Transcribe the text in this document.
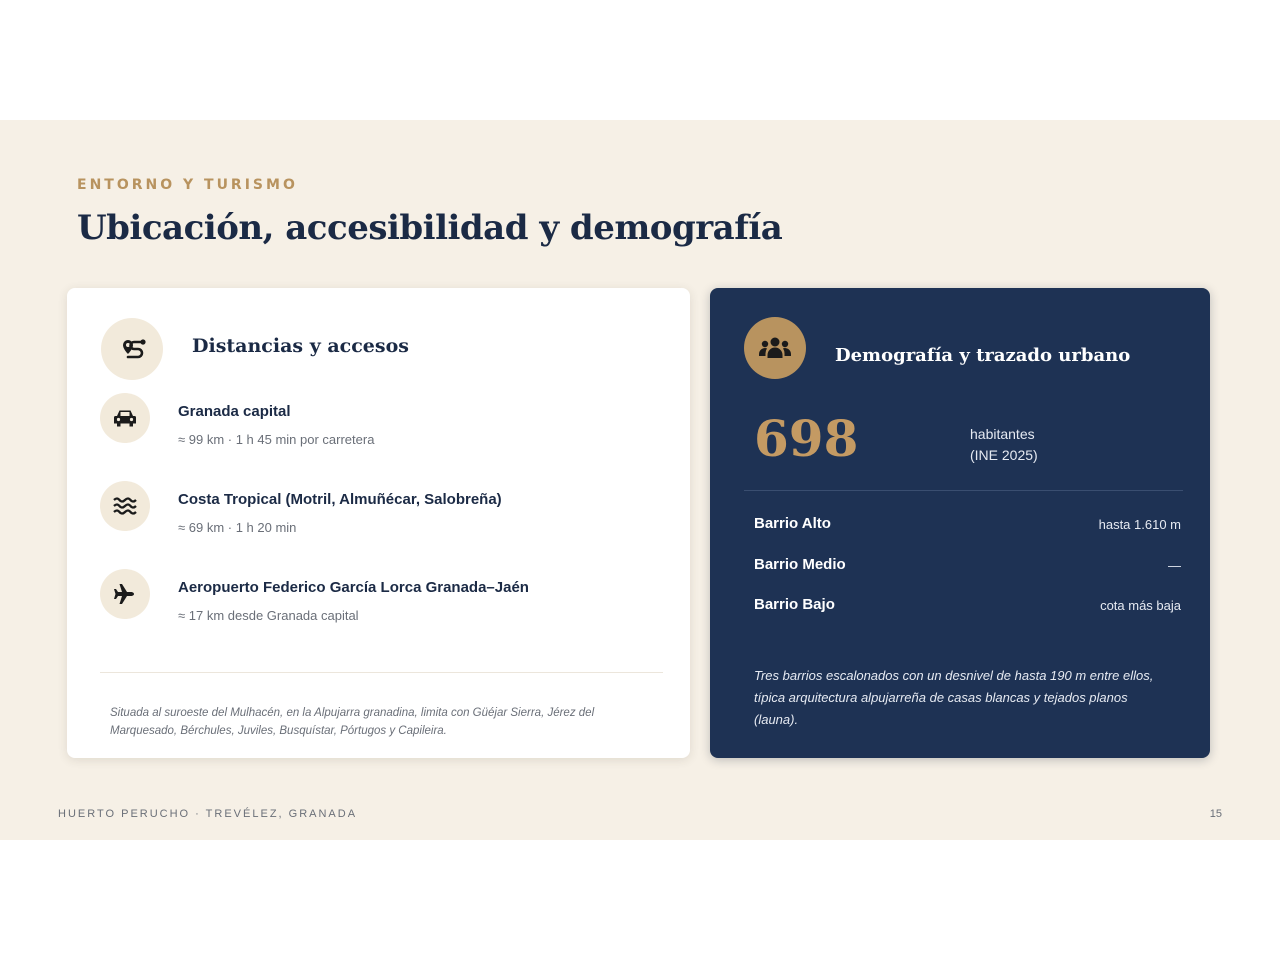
ENTORNO Y TURISMO
Ubicación, accesibilidad y demografía
Distancias y accesos
Granada capital
≈ 99 km · 1 h 45 min por carretera
Costa Tropical (Motril, Almuñécar, Salobreña)
≈ 69 km · 1 h 20 min
Aeropuerto Federico García Lorca Granada–Jaén
≈ 17 km desde Granada capital
Situada al suroeste del Mulhacén, en la Alpujarra granadina, limita con Güéjar Sierra, Jérez del Marquesado, Bérchules, Juviles, Busquístar, Pórtugos y Capileira.
Demografía y trazado urbano
698	habitantes
(INE 2025)
Barrio Alto	hasta 1.610 m
Barrio Medio	—
Barrio Bajo	cota más baja
Tres barrios escalonados con un desnivel de hasta 190 m entre ellos, típica arquitectura alpujarreña de casas blancas y tejados planos (launa).
HUERTO PERUCHO · TREVÉLEZ, GRANADA	15
